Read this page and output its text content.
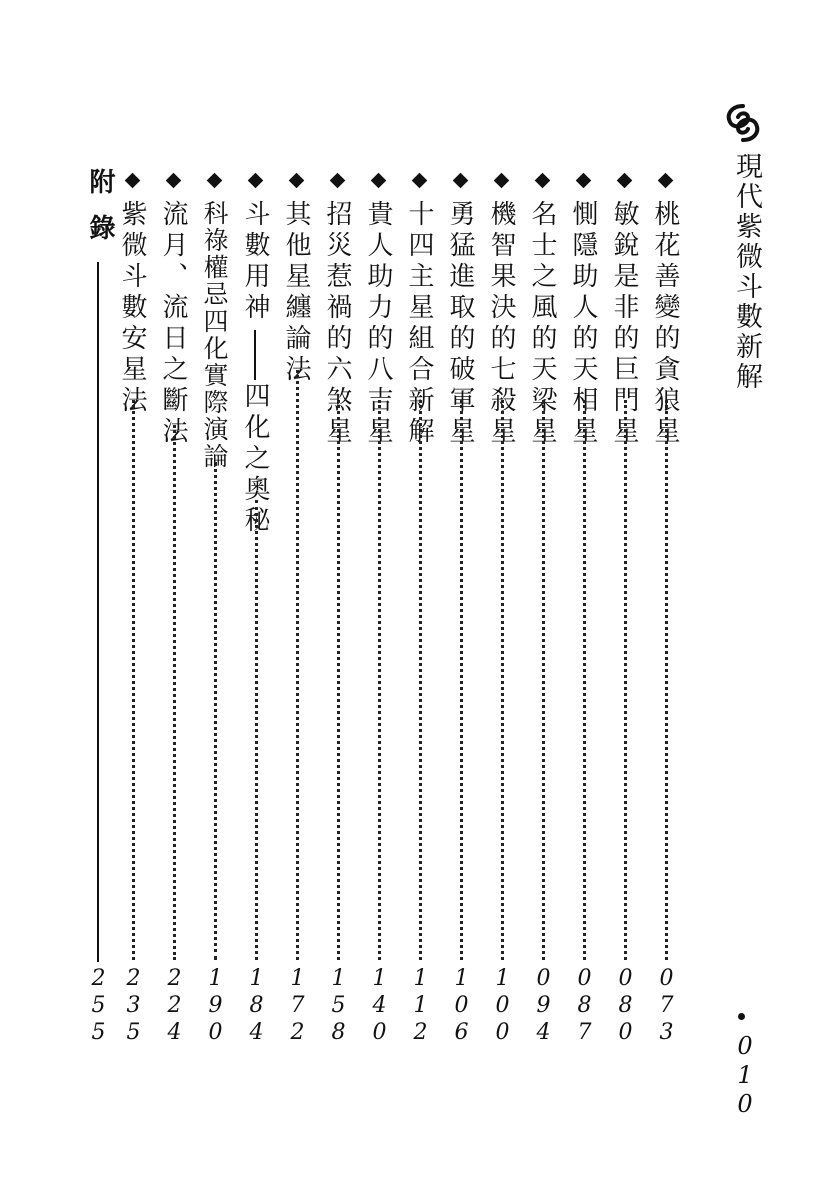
現代紫微斗數新解
010
桃花善變的貪狼星
073
敏銳是非的巨門星
080
惻隱助人的天相星
087
名士之風的天梁星
094
機智果決的七殺星
100
勇猛進取的破軍星
106
十四主星組合新解
112
貴人助力的八吉星
140
招災惹禍的六煞星
158
其他星纏論法
172
斗數用神
四化之奧秘
184
科祿權忌四化實際演論
190
流月、流日之斷法
224
紫微斗數安星法
235
附錄
255
